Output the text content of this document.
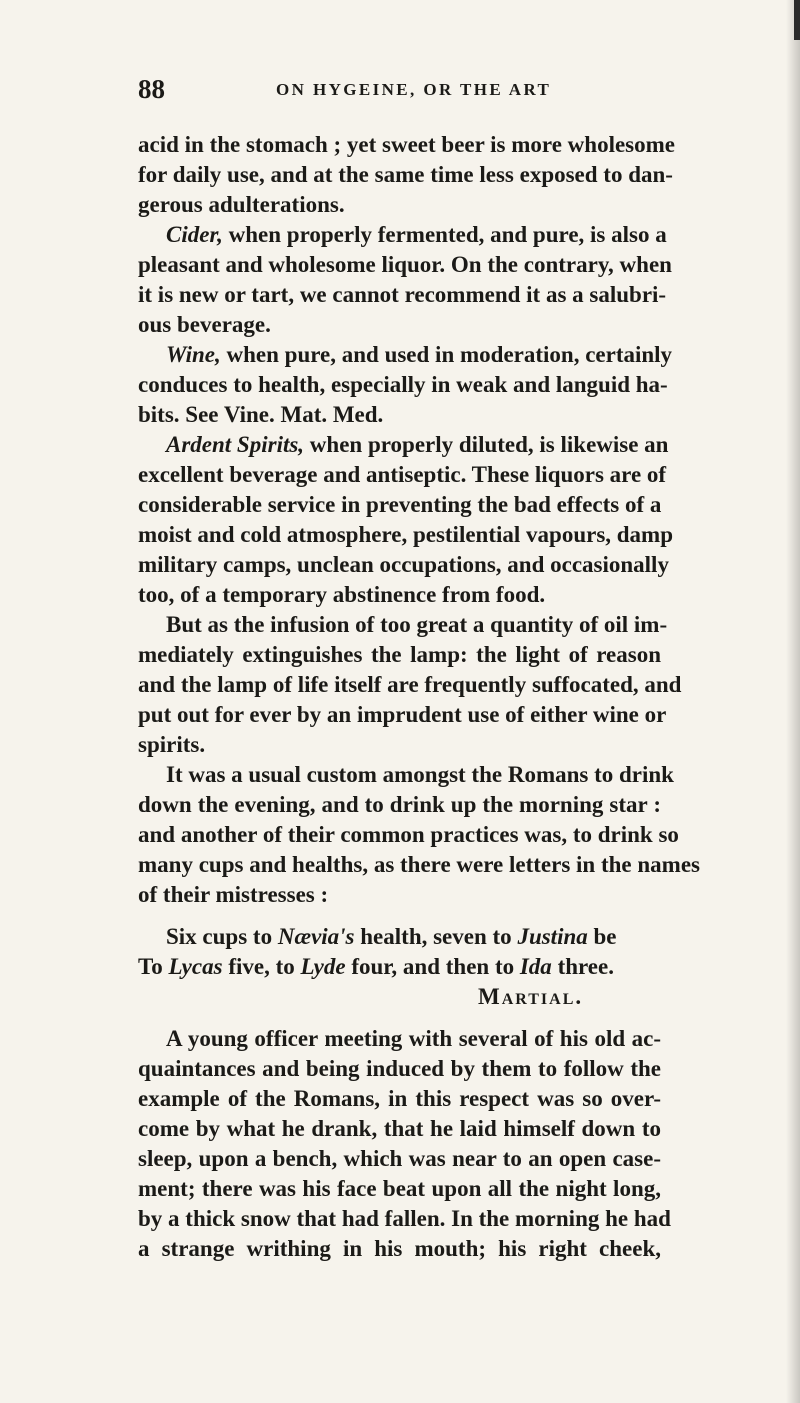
88	ON HYGEINE, OR THE ART
acid in the stomach ; yet sweet beer is more wholesome
for daily use, and at the same time less exposed to dan-
gerous adulterations.
Cider, when properly fermented, and pure, is also a
pleasant and wholesome liquor. On the contrary, when
it is new or tart, we cannot recommend it as a salubri-
ous beverage.
Wine, when pure, and used in moderation, certainly
conduces to health, especially in weak and languid ha-
bits. See Vine. Mat. Med.
Ardent Spirits, when properly diluted, is likewise an
excellent beverage and antiseptic. These liquors are of
considerable service in preventing the bad effects of a
moist and cold atmosphere, pestilential vapours, damp
military camps, unclean occupations, and occasionally
too, of a temporary abstinence from food.
But as the infusion of too great a quantity of oil im-
mediately extinguishes the lamp: the light of reason
and the lamp of life itself are frequently suffocated, and
put out for ever by an imprudent use of either wine or
spirits.
It was a usual custom amongst the Romans to drink
down the evening, and to drink up the morning star :
and another of their common practices was, to drink so
many cups and healths, as there were letters in the names
of their mistresses :
Six cups to Nævia's health, seven to Justina be
To Lycas five, to Lyde four, and then to Ida three.
Martial.
A young officer meeting with several of his old ac-
quaintances and being induced by them to follow the
example of the Romans, in this respect was so over-
come by what he drank, that he laid himself down to
sleep, upon a bench, which was near to an open case-
ment; there was his face beat upon all the night long,
by a thick snow that had fallen. In the morning he had
a strange writhing in his mouth; his right cheek,
